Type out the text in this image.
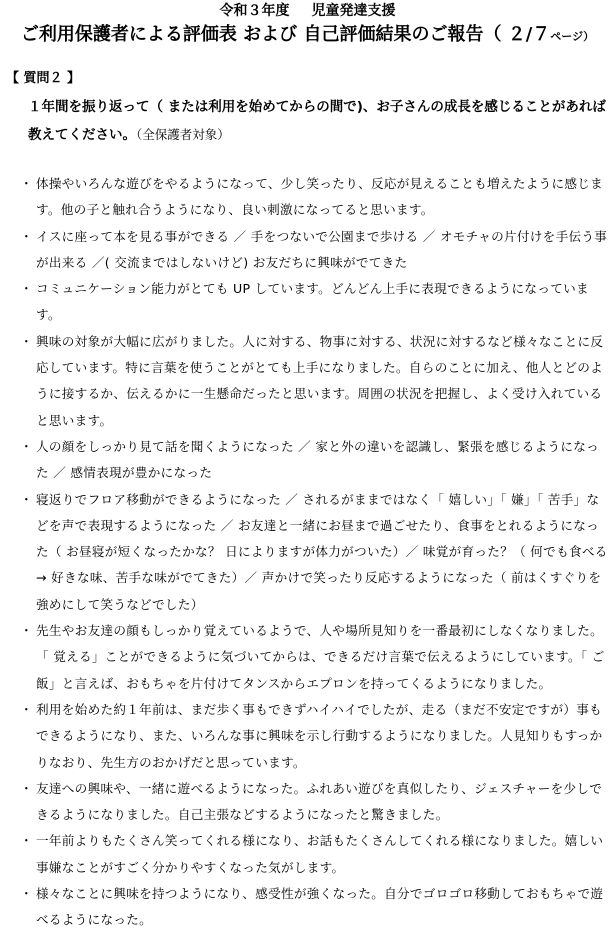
令和３年度 児童発達支援
ご利用保護者による評価表 および 自己評価結果のご報告（ ２/７ページ）
【 質問２ 】
１年間を振り返って（ または利用を始めてからの間で)、お子さんの成長を感じることがあれば
教えてください。（全保護者対象）
・ 体操やいろんな遊びをやるようになって、少し笑ったり、反応が見えることも増えたように感じます。他の子と触れ合うようになり、良い刺激になってると思います。
・ イスに座って本を見る事ができる ／ 手をつないで公園まで歩ける ／ オモチャの片付けを手伝う事が出来る ／( 交流まではしないけど) お友だちに興味がでてきた
・ コミュニケーション能力がとても UP しています。どんどん上手に表現できるようになっています。
・ 興味の対象が大幅に広がりました。人に対する、物事に対する、状況に対するなど様々なことに反応しています。特に言葉を使うことがとても上手になりました。自らのことに加え、他人とどのように接するか、伝えるかに一生懸命だったと思います。周囲の状況を把握し、よく受け入れていると思います。
・ 人の顔をしっかり見て話を聞くようになった ／ 家と外の違いを認識し、緊張を感じるようになった ／ 感情表現が豊かになった
・ 寝返りでフロア移動ができるようになった ／ されるがままではなく「 嬉しい」「 嫌」「 苦手」などを声で表現するようになった ／ お友達と一緒にお昼まで過ごせたり、食事をとれるようになった（ お昼寝が短くなったかな？ 日によりますが体力がついた）／ 味覚が育った？（ 何でも食べる → 好きな味、苦手な味がでてきた）／ 声かけで笑ったり反応するようになった（ 前はくすぐりを強めにして笑うなどでした）
・ 先生やお友達の顔もしっかり覚えているようで、人や場所見知りを一番最初にしなくなりました。「 覚える」ことができるように気づいてからは、できるだけ言葉で伝えるようにしています。「 ご飯」と言えば、おもちゃを片付けてタンスからエプロンを持ってくるようになりました。
・ 利用を始めた約１年前は、まだ歩く事もできずハイハイでしたが、走る（まだ不安定ですが）事もできるようになり、また、いろんな事に興味を示し行動するようになりました。人見知りもすっかりなおり、先生方のおかげだと思っています。
・ 友達への興味や、一緒に遊べるようになった。ふれあい遊びを真似したり、ジェスチャーを少しできるようになりました。自己主張などするようになったと驚きました。
・ 一年前よりもたくさん笑ってくれる様になり、お話もたくさんしてくれる様になりました。嬉しい事嫌なことがすごく分かりやすくなった気がします。
・ 様々なことに興味を持つようになり、感受性が強くなった。自分でゴロゴロ移動しておもちゃで遊べるようになった。
